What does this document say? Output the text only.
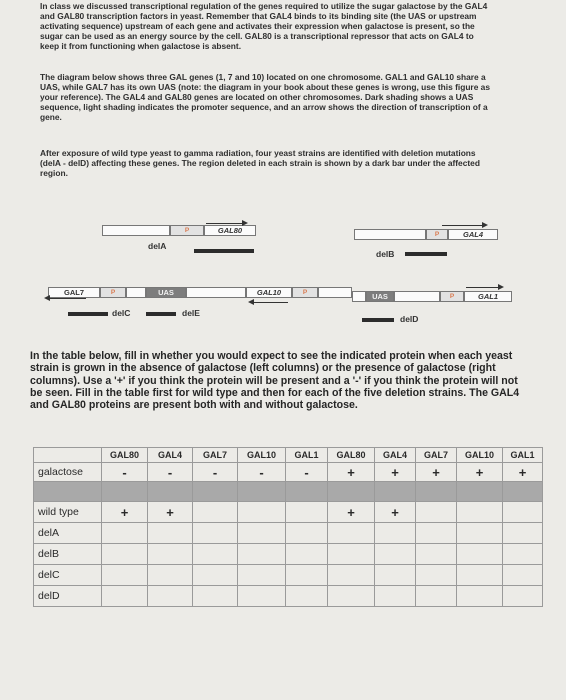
In class we discussed transcriptional regulation of the genes required to utilize the sugar galactose by the GAL4 and GAL80 transcription factors in yeast. Remember that GAL4 binds to its binding site (the UAS or upstream activating sequence) upstream of each gene and activates their expression when galactose is present, so the sugar can be used as an energy source by the cell. GAL80 is a transcriptional repressor that acts on GAL4 to keep it from functioning when galactose is absent.

The diagram below shows three GAL genes (1, 7 and 10) located on one chromosome. GAL1 and GAL10 share a UAS, while GAL7 has its own UAS (note: the diagram in your book about these genes is wrong, use this figure as your reference). The GAL4 and GAL80 genes are located on other chromosomes. Dark shading shows a UAS sequence, light shading indicates the promoter sequence, and an arrow shows the direction of transcription of a gene.

After exposure of wild type yeast to gamma radiation, four yeast strains are identified with deletion mutations (delA - delD) affecting these genes. The region deleted in each strain is shown by a dark bar under the affected region.

P	GAL80
delA
P	GAL4
delB
GAL7	P	UAS	GAL10	P	UAS	P	GAL1
delC	delE
delD

In the table below, fill in whether you would expect to see the indicated protein when each yeast strain is grown in the absence of galactose (left columns) or the presence of galactose (right columns). Use a '+' if you think the protein will be present and a '-' if you think the protein will not be seen. Fill in the table first for wild type and then for each of the five deletion strains. The GAL4 and GAL80 proteins are present both with and without galactose.

	GAL80	GAL4	GAL7	GAL10	GAL1	GAL80	GAL4	GAL7	GAL10	GAL1
galactose	-	-	-	-	-	+	+	+	+	+

wild type	+	+				+	+			
delA										
delB										
delC										
delD										
